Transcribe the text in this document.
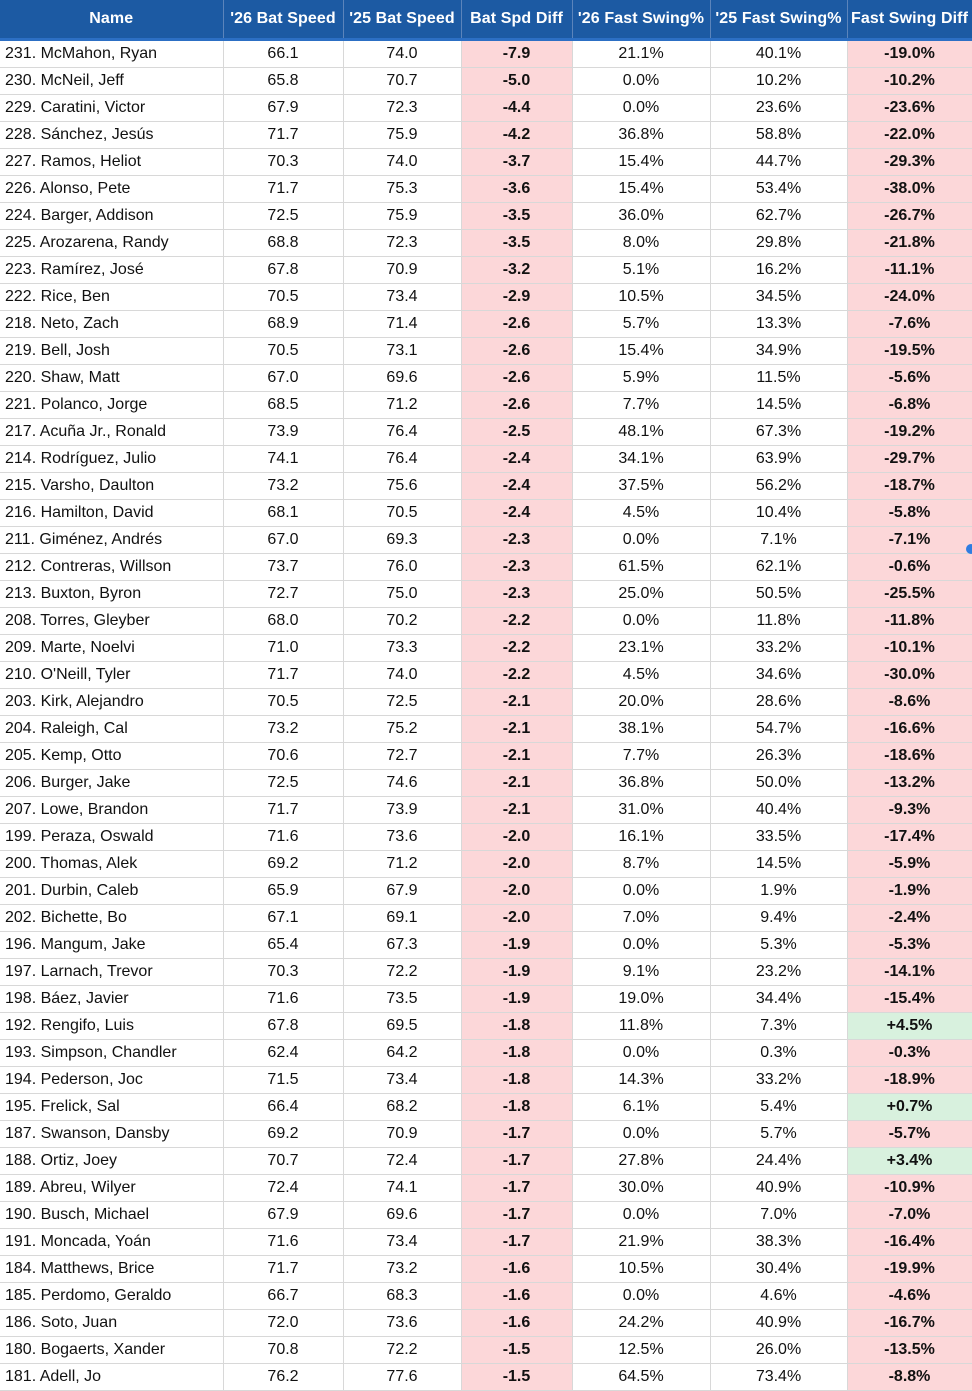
Name	'26 Bat Speed	'25 Bat Speed	Bat Spd Diff	'26 Fast Swing%	'25 Fast Swing%	Fast Swing Diff
231. McMahon, Ryan	66.1	74.0	-7.9	21.1%	40.1%	-19.0%
230. McNeil, Jeff	65.8	70.7	-5.0	0.0%	10.2%	-10.2%
229. Caratini, Victor	67.9	72.3	-4.4	0.0%	23.6%	-23.6%
228. Sánchez, Jesús	71.7	75.9	-4.2	36.8%	58.8%	-22.0%
227. Ramos, Heliot	70.3	74.0	-3.7	15.4%	44.7%	-29.3%
226. Alonso, Pete	71.7	75.3	-3.6	15.4%	53.4%	-38.0%
224. Barger, Addison	72.5	75.9	-3.5	36.0%	62.7%	-26.7%
225. Arozarena, Randy	68.8	72.3	-3.5	8.0%	29.8%	-21.8%
223. Ramírez, José	67.8	70.9	-3.2	5.1%	16.2%	-11.1%
222. Rice, Ben	70.5	73.4	-2.9	10.5%	34.5%	-24.0%
218. Neto, Zach	68.9	71.4	-2.6	5.7%	13.3%	-7.6%
219. Bell, Josh	70.5	73.1	-2.6	15.4%	34.9%	-19.5%
220. Shaw, Matt	67.0	69.6	-2.6	5.9%	11.5%	-5.6%
221. Polanco, Jorge	68.5	71.2	-2.6	7.7%	14.5%	-6.8%
217. Acuña Jr., Ronald	73.9	76.4	-2.5	48.1%	67.3%	-19.2%
214. Rodríguez, Julio	74.1	76.4	-2.4	34.1%	63.9%	-29.7%
215. Varsho, Daulton	73.2	75.6	-2.4	37.5%	56.2%	-18.7%
216. Hamilton, David	68.1	70.5	-2.4	4.5%	10.4%	-5.8%
211. Giménez, Andrés	67.0	69.3	-2.3	0.0%	7.1%	-7.1%
212. Contreras, Willson	73.7	76.0	-2.3	61.5%	62.1%	-0.6%
213. Buxton, Byron	72.7	75.0	-2.3	25.0%	50.5%	-25.5%
208. Torres, Gleyber	68.0	70.2	-2.2	0.0%	11.8%	-11.8%
209. Marte, Noelvi	71.0	73.3	-2.2	23.1%	33.2%	-10.1%
210. O'Neill, Tyler	71.7	74.0	-2.2	4.5%	34.6%	-30.0%
203. Kirk, Alejandro	70.5	72.5	-2.1	20.0%	28.6%	-8.6%
204. Raleigh, Cal	73.2	75.2	-2.1	38.1%	54.7%	-16.6%
205. Kemp, Otto	70.6	72.7	-2.1	7.7%	26.3%	-18.6%
206. Burger, Jake	72.5	74.6	-2.1	36.8%	50.0%	-13.2%
207. Lowe, Brandon	71.7	73.9	-2.1	31.0%	40.4%	-9.3%
199. Peraza, Oswald	71.6	73.6	-2.0	16.1%	33.5%	-17.4%
200. Thomas, Alek	69.2	71.2	-2.0	8.7%	14.5%	-5.9%
201. Durbin, Caleb	65.9	67.9	-2.0	0.0%	1.9%	-1.9%
202. Bichette, Bo	67.1	69.1	-2.0	7.0%	9.4%	-2.4%
196. Mangum, Jake	65.4	67.3	-1.9	0.0%	5.3%	-5.3%
197. Larnach, Trevor	70.3	72.2	-1.9	9.1%	23.2%	-14.1%
198. Báez, Javier	71.6	73.5	-1.9	19.0%	34.4%	-15.4%
192. Rengifo, Luis	67.8	69.5	-1.8	11.8%	7.3%	+4.5%
193. Simpson, Chandler	62.4	64.2	-1.8	0.0%	0.3%	-0.3%
194. Pederson, Joc	71.5	73.4	-1.8	14.3%	33.2%	-18.9%
195. Frelick, Sal	66.4	68.2	-1.8	6.1%	5.4%	+0.7%
187. Swanson, Dansby	69.2	70.9	-1.7	0.0%	5.7%	-5.7%
188. Ortiz, Joey	70.7	72.4	-1.7	27.8%	24.4%	+3.4%
189. Abreu, Wilyer	72.4	74.1	-1.7	30.0%	40.9%	-10.9%
190. Busch, Michael	67.9	69.6	-1.7	0.0%	7.0%	-7.0%
191. Moncada, Yoán	71.6	73.4	-1.7	21.9%	38.3%	-16.4%
184. Matthews, Brice	71.7	73.2	-1.6	10.5%	30.4%	-19.9%
185. Perdomo, Geraldo	66.7	68.3	-1.6	0.0%	4.6%	-4.6%
186. Soto, Juan	72.0	73.6	-1.6	24.2%	40.9%	-16.7%
180. Bogaerts, Xander	70.8	72.2	-1.5	12.5%	26.0%	-13.5%
181. Adell, Jo	76.2	77.6	-1.5	64.5%	73.4%	-8.8%
